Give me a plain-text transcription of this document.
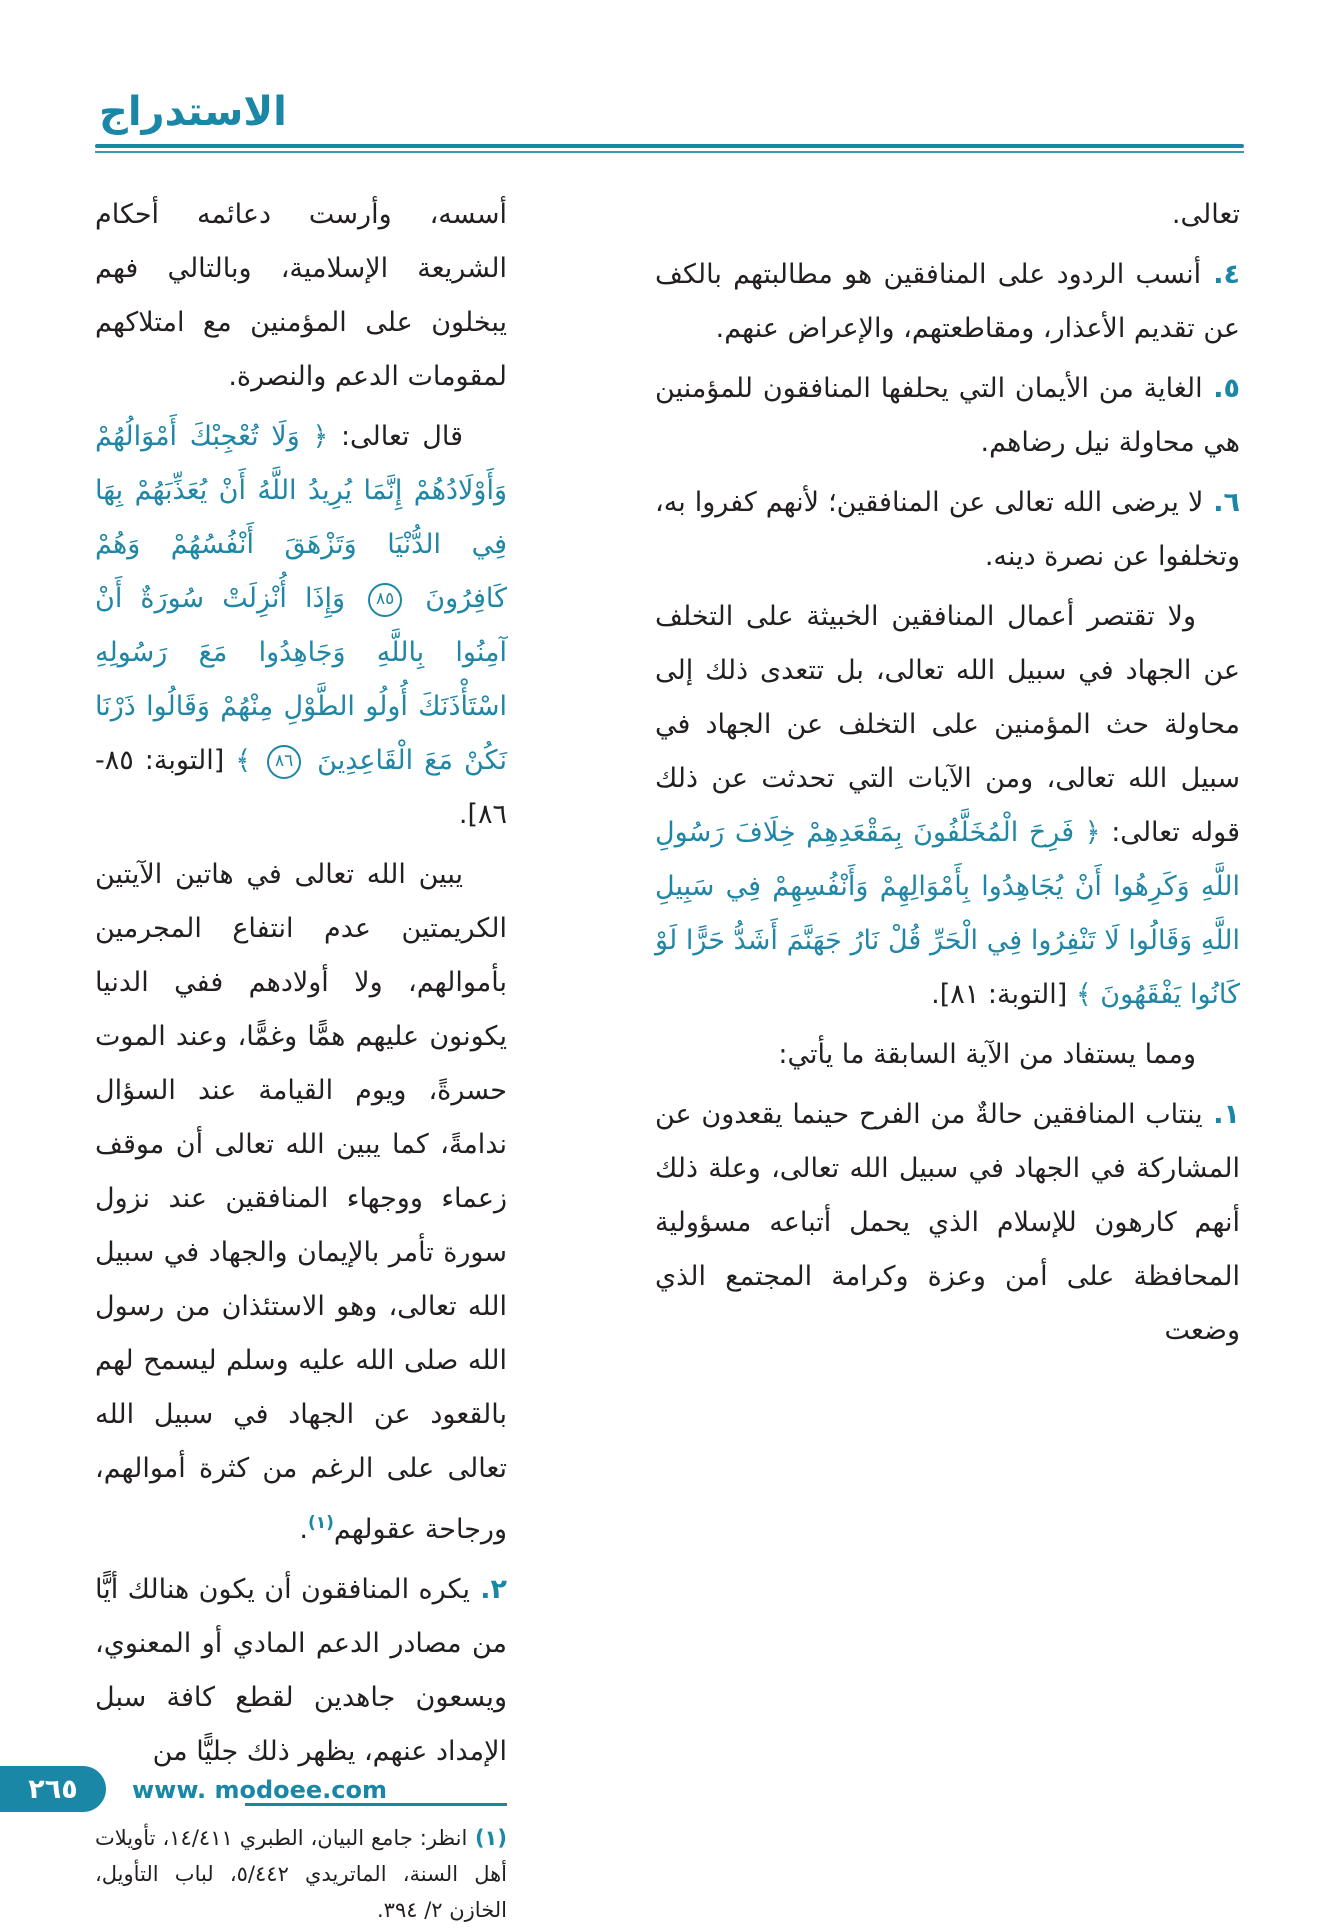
الاستدراج

تعالى.

٤. أنسب الردود على المنافقين هو مطالبتهم بالكف عن تقديم الأعذار، ومقاطعتهم، والإعراض عنهم.

٥. الغاية من الأيمان التي يحلفها المنافقون للمؤمنين هي محاولة نيل رضاهم.

٦. لا يرضى الله تعالى عن المنافقين؛ لأنهم كفروا به، وتخلفوا عن نصرة دينه.

ولا تقتصر أعمال المنافقين الخبيثة على التخلف عن الجهاد في سبيل الله تعالى، بل تتعدى ذلك إلى محاولة حث المؤمنين على التخلف عن الجهاد في سبيل الله تعالى، ومن الآيات التي تحدثت عن ذلك قوله تعالى: ﴿ فَرِحَ الْمُخَلَّفُونَ بِمَقْعَدِهِمْ خِلَافَ رَسُولِ اللَّهِ وَكَرِهُوا أَنْ يُجَاهِدُوا بِأَمْوَالِهِمْ وَأَنْفُسِهِمْ فِي سَبِيلِ اللَّهِ وَقَالُوا لَا تَنْفِرُوا فِي الْحَرِّ قُلْ نَارُ جَهَنَّمَ أَشَدُّ حَرًّا لَوْ كَانُوا يَفْقَهُونَ ﴾ [التوبة: ٨١].

ومما يستفاد من الآية السابقة ما يأتي:

١. ينتاب المنافقين حالةٌ من الفرح حينما يقعدون عن المشاركة في الجهاد في سبيل الله تعالى، وعلة ذلك أنهم كارهون للإسلام الذي يحمل أتباعه مسؤولية المحافظة على أمن وعزة وكرامة المجتمع الذي وضعت

أسسه، وأرست دعائمه أحكام الشريعة الإسلامية، وبالتالي فهم يبخلون على المؤمنين مع امتلاكهم لمقومات الدعم والنصرة.

قال تعالى: ﴿ وَلَا تُعْجِبْكَ أَمْوَالُهُمْ وَأَوْلَادُهُمْ إِنَّمَا يُرِيدُ اللَّهُ أَنْ يُعَذِّبَهُمْ بِهَا فِي الدُّنْيَا وَتَزْهَقَ أَنْفُسُهُمْ وَهُمْ كَافِرُونَ ٨٥ وَإِذَا أُنْزِلَتْ سُورَةٌ أَنْ آمِنُوا بِاللَّهِ وَجَاهِدُوا مَعَ رَسُولِهِ اسْتَأْذَنَكَ أُولُو الطَّوْلِ مِنْهُمْ وَقَالُوا ذَرْنَا نَكُنْ مَعَ الْقَاعِدِينَ ٨٦ ﴾ [التوبة: ٨٥- ٨٦].

يبين الله تعالى في هاتين الآيتين الكريمتين عدم انتفاع المجرمين بأموالهم، ولا أولادهم ففي الدنيا يكونون عليهم همًّا وغمًّا، وعند الموت حسرةً، ويوم القيامة عند السؤال ندامةً، كما يبين الله تعالى أن موقف زعماء ووجهاء المنافقين عند نزول سورة تأمر بالإيمان والجهاد في سبيل الله تعالى، وهو الاستئذان من رسول الله صلى الله عليه وسلم ليسمح لهم بالقعود عن الجهاد في سبيل الله تعالى على الرغم من كثرة أموالهم، ورجاحة عقولهم$^{(١)}$.

٢. يكره المنافقون أن يكون هنالك أيًّا من مصادر الدعم المادي أو المعنوي، ويسعون جاهدين لقطع كافة سبل الإمداد عنهم، يظهر ذلك جليًّا من

(١) انظر: جامع البيان، الطبري ١٤/٤١١، تأويلات أهل السنة، الماتريدي ٥/٤٤٢، لباب التأويل، الخازن ٢/ ٣٩٤.

٢٦٥ www. modoee.com
